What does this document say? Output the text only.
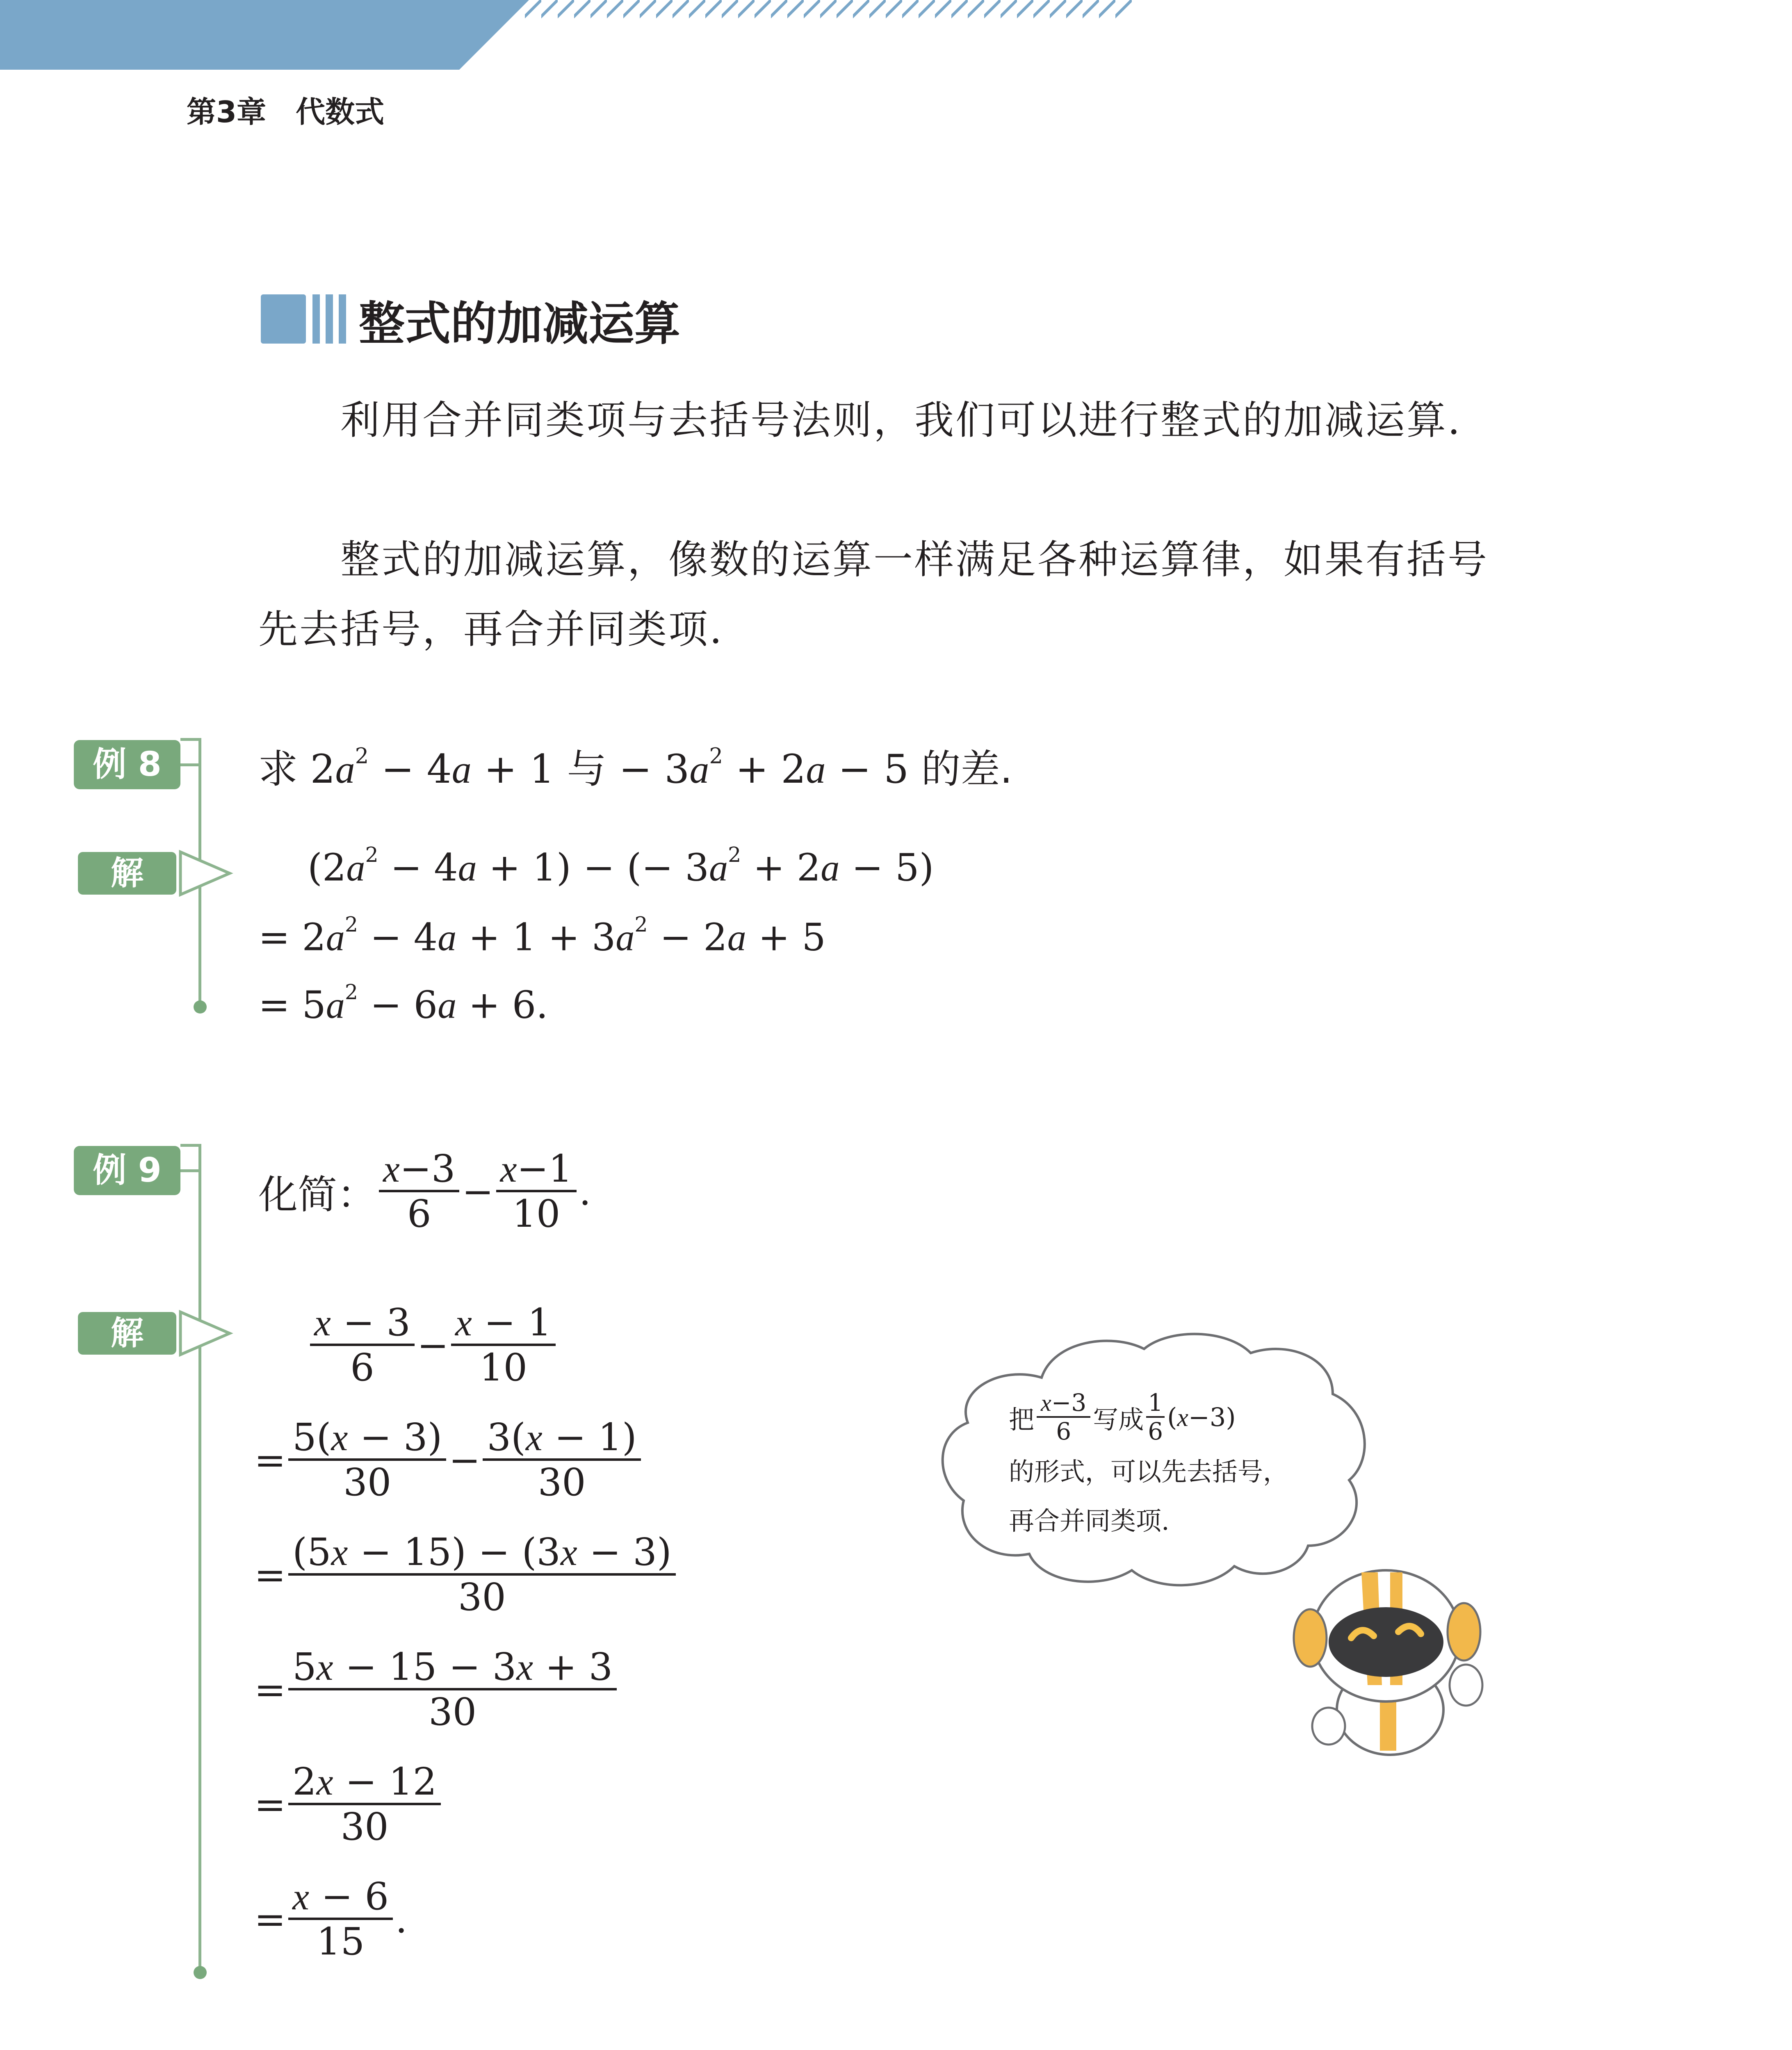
第3章　代数式
整式的加减运算
利用合并同类项与去括号法则，我们可以进行整式的加减运算.
整式的加减运算，像数的运算一样满足各种运算律，如果有括号先去括号，再合并同类项.
例 8	求 $2a^2 - 4a + 1$ 与 − $3a^2 + 2a - 5$ 的差.
解	$(2a^2 - 4a + 1)$ − (− $3a^2 + 2a - 5$)
= $2a^2 - 4a + 1 + 3a^2 - 2a + 5$
= $5a^2 - 6a + 6$.
例 9
化简： $\frac{x-3}{6} - \frac{x-1}{10}$ .
解	$\frac{x - 3}{6} - \frac{x - 1}{10}$
= $\frac{5(x - 3)}{30} - \frac{3(x - 1)}{30}$
= $\frac{(5x - 15) - (3x - 3)}{30}$
= $\frac{5x - 15 - 3x + 3}{30}$
= $\frac{2x - 12}{30}$
= $\frac{x - 6}{15}$ .
把 $\frac{x-3}{6}$ 写成 $\frac{1}{6} (x-3)$
的形式，可以先去括号，
再合并同类项.
